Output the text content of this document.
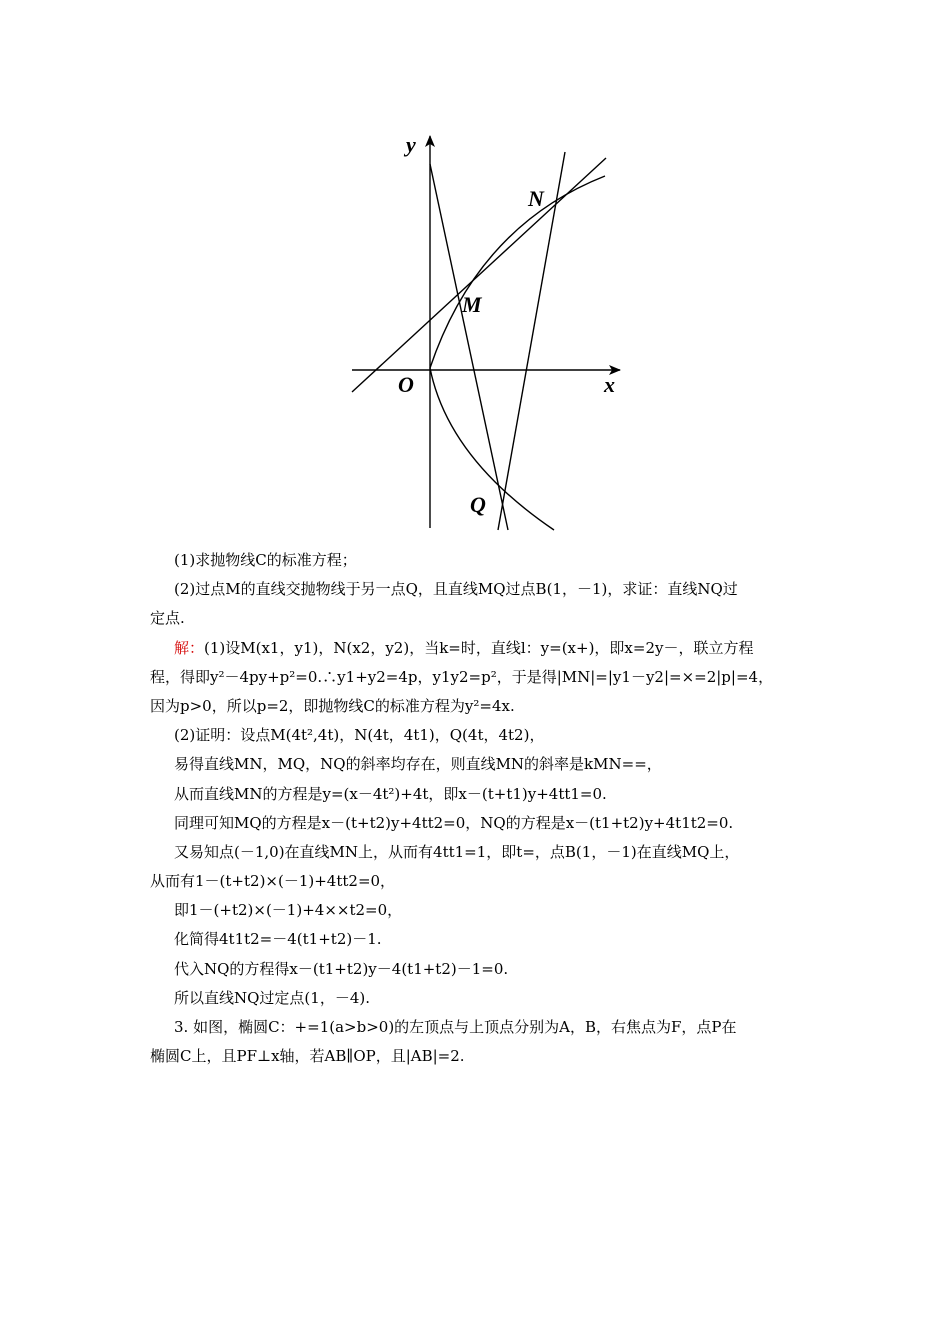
y
x
O
M
N
Q
(1)求抛物线C的标准方程；
(2)过点M的直线交抛物线于另一点Q，且直线MQ过点B(1，－1)，求证：直线NQ过
定点.
解：(1)设M(x1，y1)，N(x2，y2)，当k=时，直线l：y=(x+)，即x=2y－，联立方程
程，得即y²－4py+p²=0.∴y1+y2=4p，y1y2=p²，于是得|MN|=|y1－y2|=×=2|p|=4，
因为p>0，所以p=2，即抛物线C的标准方程为y²=4x.
(2)证明：设点M(4t²,4t)，N(4t，4t1)，Q(4t，4t2)，
易得直线MN，MQ，NQ的斜率均存在，则直线MN的斜率是kMN==，
从而直线MN的方程是y=(x－4t²)+4t，即x－(t+t1)y+4tt1=0.
同理可知MQ的方程是x－(t+t2)y+4tt2=0，NQ的方程是x－(t1+t2)y+4t1t2=0.
又易知点(－1,0)在直线MN上，从而有4tt1=1，即t=，点B(1，－1)在直线MQ上，
从而有1－(t+t2)×(－1)+4tt2=0，
即1－(+t2)×(－1)+4××t2=0，
化简得4t1t2=－4(t1+t2)－1.
代入NQ的方程得x－(t1+t2)y－4(t1+t2)－1=0.
所以直线NQ过定点(1，－4).
3. 如图，椭圆C：+=1(a>b>0)的左顶点与上顶点分别为A，B，右焦点为F，点P在
椭圆C上，且PF⊥x轴，若AB∥OP，且|AB|=2.
